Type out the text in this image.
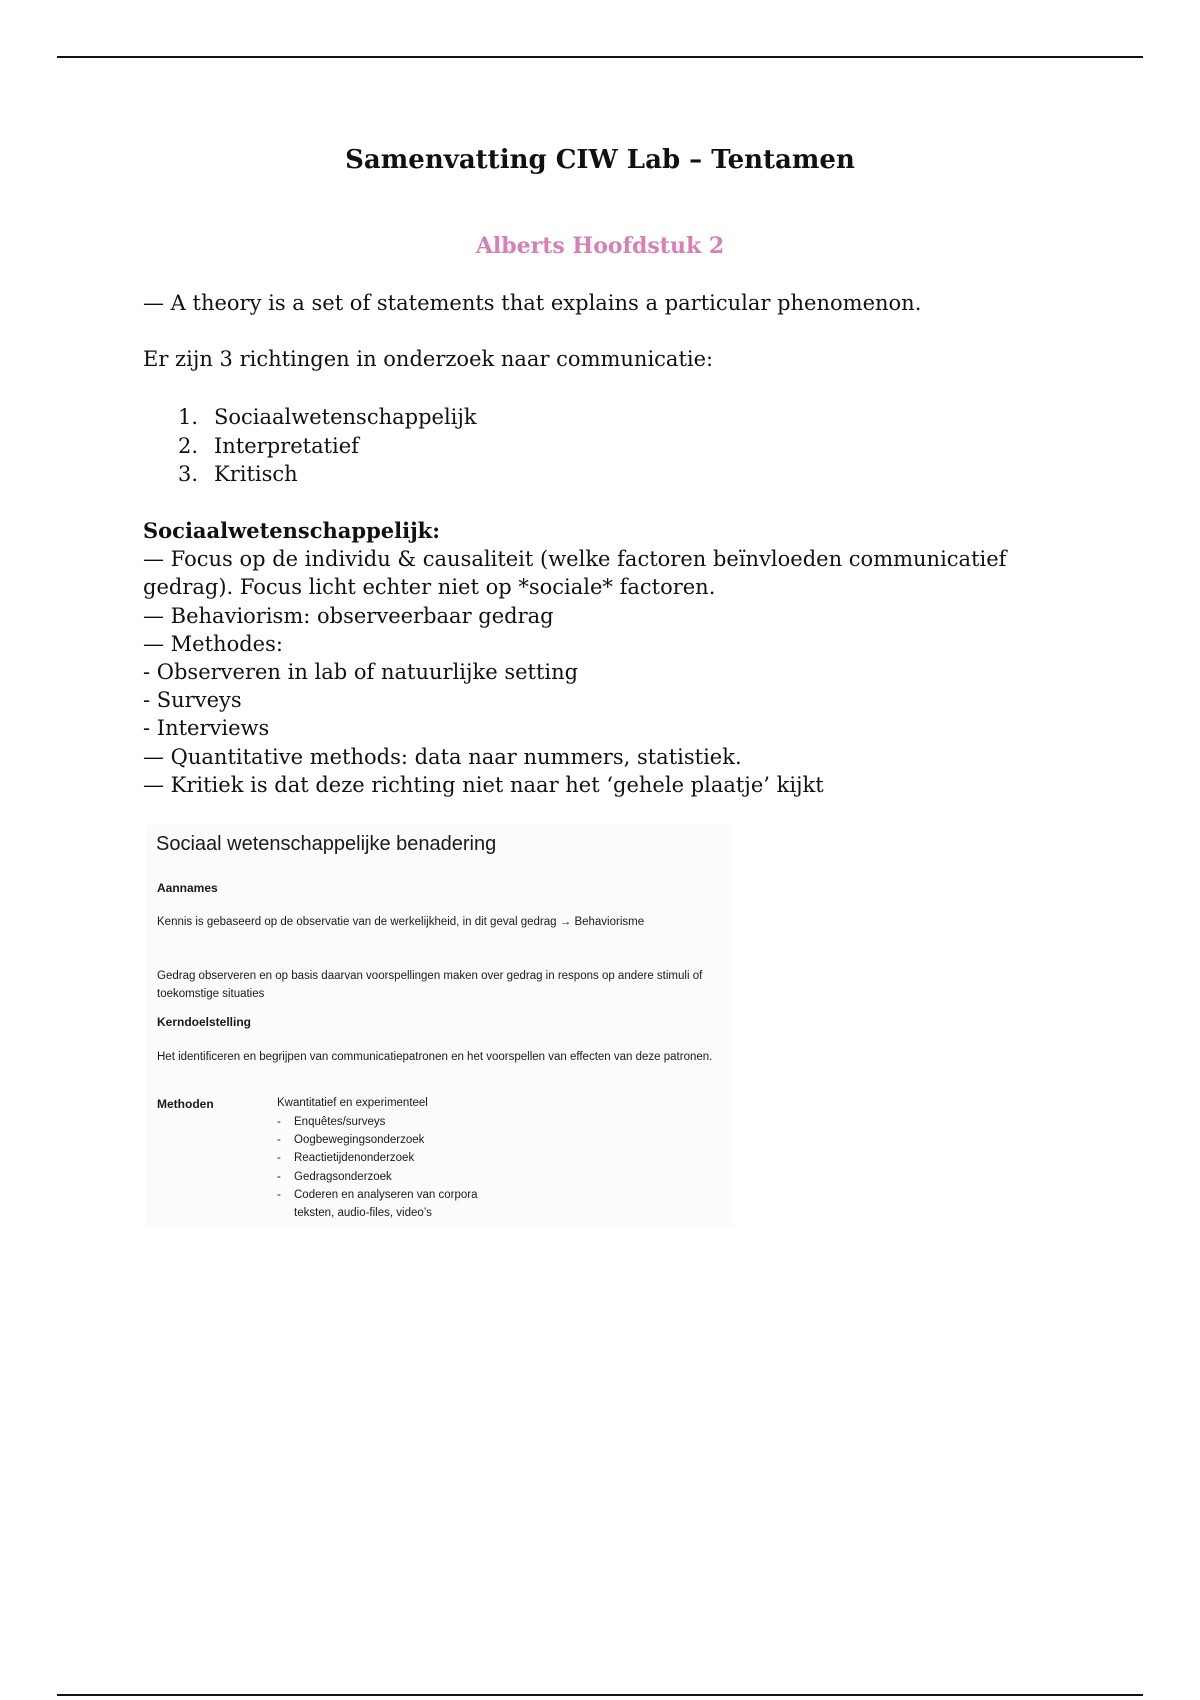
Samenvatting CIW Lab – Tentamen
Alberts Hoofdstuk 2
— A theory is a set of statements that explains a particular phenomenon.
Er zijn 3 richtingen in onderzoek naar communicatie:
1. Sociaalwetenschappelijk
2. Interpretatief
3. Kritisch
Sociaalwetenschappelijk:
— Focus op de individu & causaliteit (welke factoren beïnvloeden communicatief
gedrag). Focus licht echter niet op *sociale* factoren.
— Behaviorism: observeerbaar gedrag
— Methodes:
- Observeren in lab of natuurlijke setting
- Surveys
- Interviews
— Quantitative methods: data naar nummers, statistiek.
— Kritiek is dat deze richting niet naar het ‘gehele plaatje’ kijkt
Sociaal wetenschappelijke benadering
Aannames
Kennis is gebaseerd op de observatie van de werkelijkheid, in dit geval gedrag → Behaviorisme
Gedrag observeren en op basis daarvan voorspellingen maken over gedrag in respons op andere stimuli of toekomstige situaties
Kerndoelstelling
Het identificeren en begrijpen van communicatiepatronen en het voorspellen van effecten van deze patronen.
Methoden	Kwantitatief en experimenteel
- Enquêtes/surveys
- Oogbewegingsonderzoek
- Reactietijdenonderzoek
- Gedragsonderzoek
- Coderen en analyseren van corpora
teksten, audio-files, video’s
